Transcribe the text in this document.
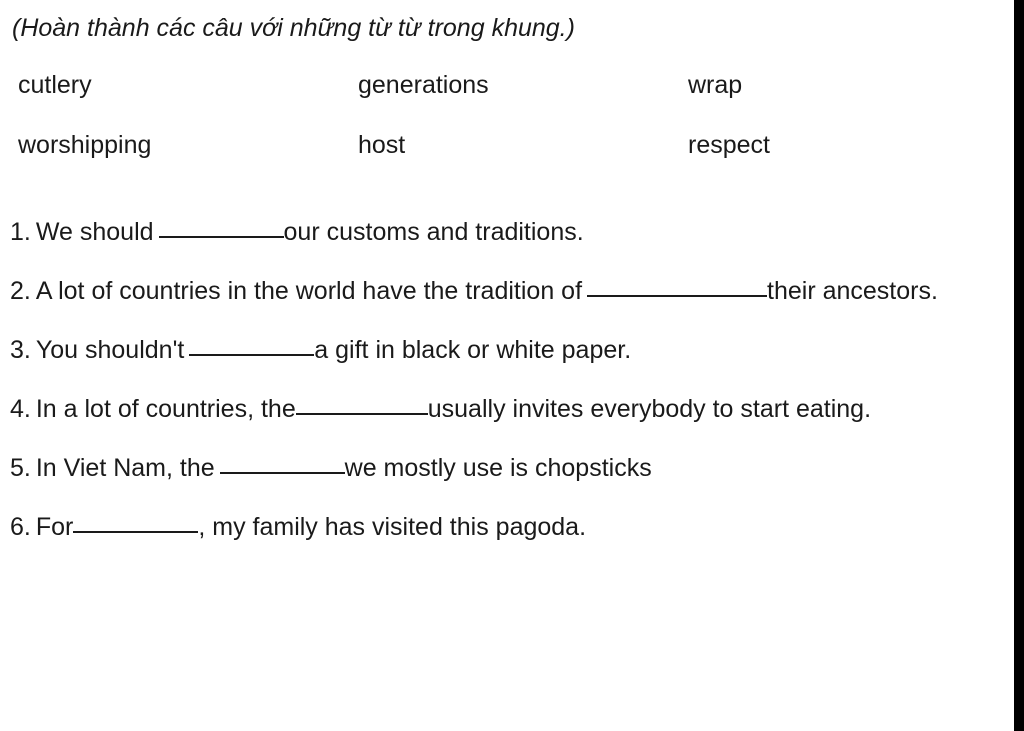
(Hoàn thành các câu với những từ từ trong khung.)
cutlery	generations	wrap
worshipping	host	respect
1. We should	our customs and traditions.
2. A lot of countries in the world have the tradition of	their ancestors.
3. You shouldn't	a gift in black or white paper.
4. In a lot of countries, the	usually invites everybody to start eating.
5. In Viet Nam, the	we mostly use is chopsticks
6. For	, my family has visited this pagoda.
